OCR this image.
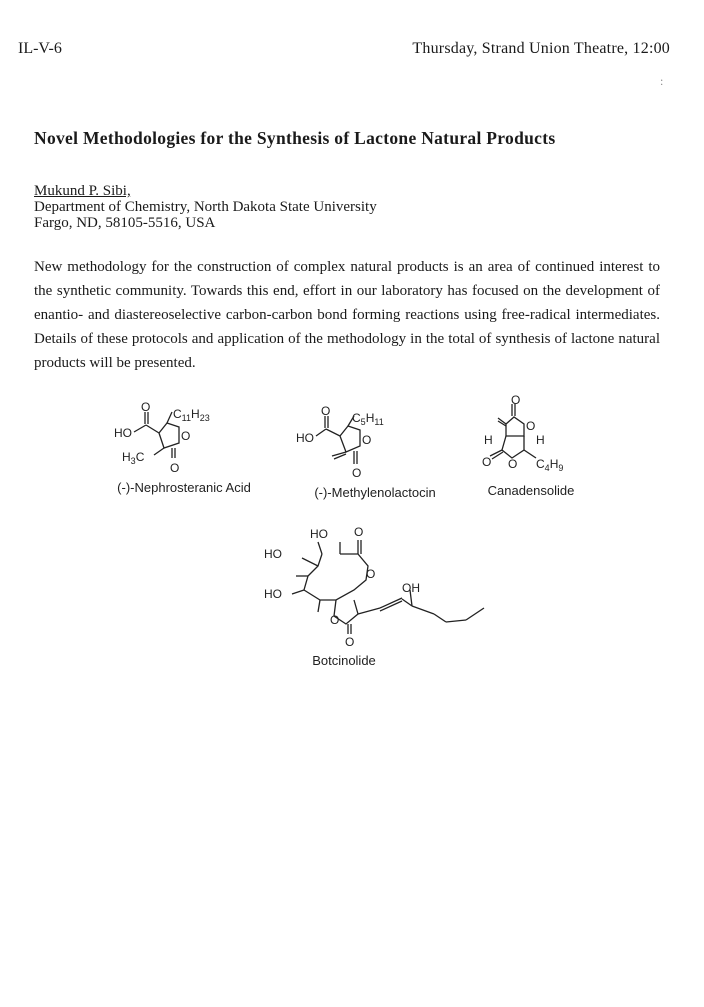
IL-V-6	Thursday, Strand Union Theatre, 12:00
:
Novel Methodologies for the Synthesis of Lactone Natural Products
Mukund P. Sibi,
Department of Chemistry, North Dakota State University
Fargo, ND, 58105-5516, USA

New methodology for the construction of complex natural products is an area of continued interest to the synthetic community. Towards this end, effort in our laboratory has focused on the development of enantio- and diastereoselective carbon-carbon bond forming reactions using free-radical intermediates. Details of these protocols and application of the methodology in the total of synthesis of lactone natural products will be presented.

O
HO
$C_{11}H_{23}$
O
$H_3C$
O
O
HO
$C_5H_{11}$
O
O
O
O
H	H
O O $C_4H_9$
HO
HO
HO
O
O
OH
O
O
(-)-Nephrosteranic Acid	(-)-Methylenolactocin	Canadensolide
Botcinolide
